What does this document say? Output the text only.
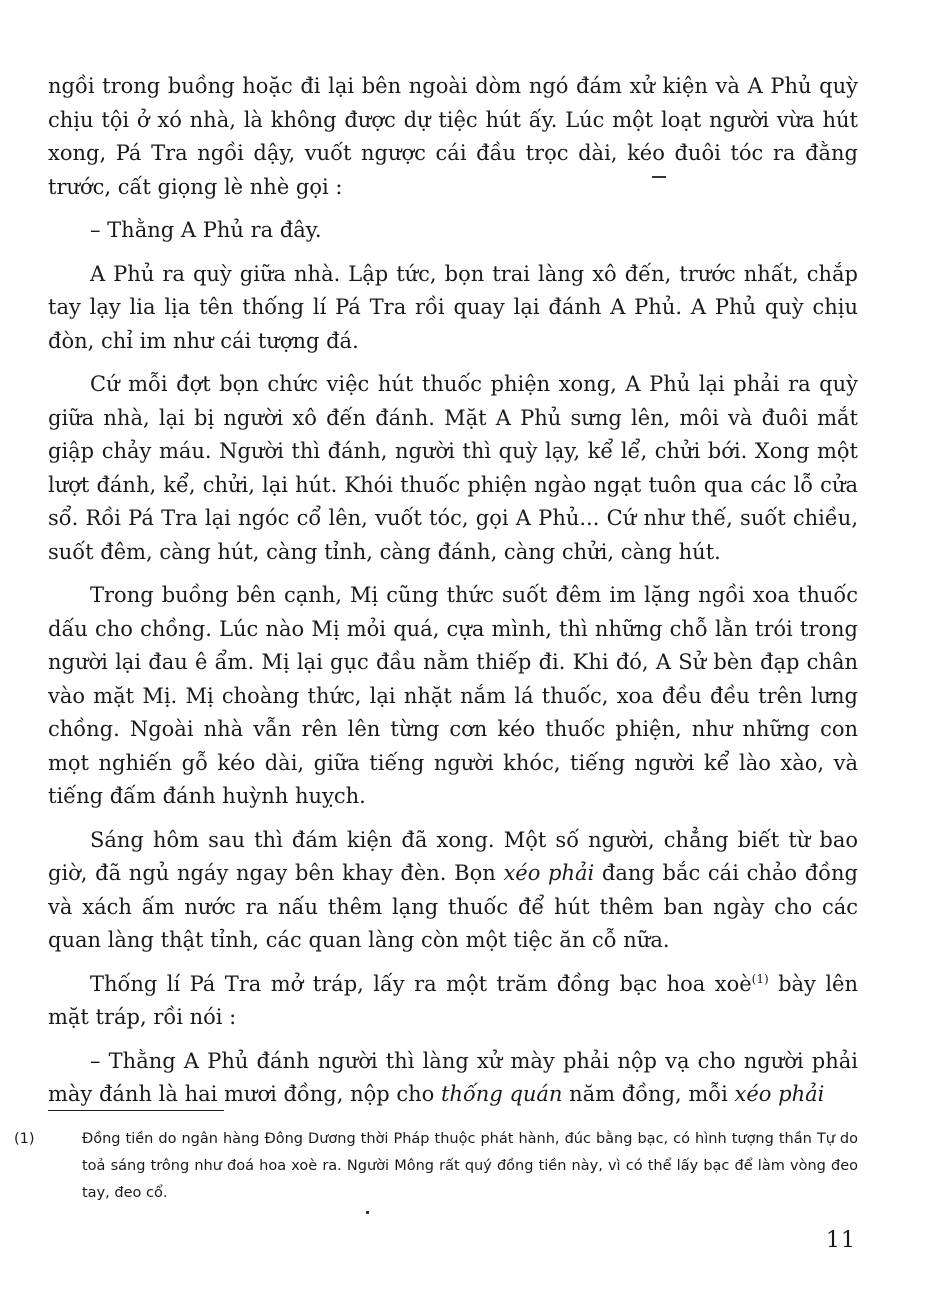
ngồi trong buồng hoặc đi lại bên ngoài dòm ngó đám xử kiện và A Phủ quỳ chịu tội ở xó nhà, là không được dự tiệc hút ấy. Lúc một loạt người vừa hút xong, Pá Tra ngồi dậy, vuốt ngược cái đầu trọc dài, kéo đuôi tóc ra đằng trước, cất giọng lè nhè gọi :

– Thằng A Phủ ra đây.

A Phủ ra quỳ giữa nhà. Lập tức, bọn trai làng xô đến, trước nhất, chắp tay lạy lia lịa tên thống lí Pá Tra rồi quay lại đánh A Phủ. A Phủ quỳ chịu đòn, chỉ im như cái tượng đá.

Cứ mỗi đợt bọn chức việc hút thuốc phiện xong, A Phủ lại phải ra quỳ giữa nhà, lại bị người xô đến đánh. Mặt A Phủ sưng lên, môi và đuôi mắt giập chảy máu. Người thì đánh, người thì quỳ lạy, kể lể, chửi bới. Xong một lượt đánh, kể, chửi, lại hút. Khói thuốc phiện ngào ngạt tuôn qua các lỗ cửa sổ. Rồi Pá Tra lại ngóc cổ lên, vuốt tóc, gọi A Phủ... Cứ như thế, suốt chiều, suốt đêm, càng hút, càng tỉnh, càng đánh, càng chửi, càng hút.

Trong buồng bên cạnh, Mị cũng thức suốt đêm im lặng ngồi xoa thuốc dấu cho chồng. Lúc nào Mị mỏi quá, cựa mình, thì những chỗ lằn trói trong người lại đau ê ẩm. Mị lại gục đầu nằm thiếp đi. Khi đó, A Sử bèn đạp chân vào mặt Mị. Mị choàng thức, lại nhặt nắm lá thuốc, xoa đều đều trên lưng chồng. Ngoài nhà vẫn rên lên từng cơn kéo thuốc phiện, như những con mọt nghiến gỗ kéo dài, giữa tiếng người khóc, tiếng người kể lào xào, và tiếng đấm đánh huỳnh huỵch.

Sáng hôm sau thì đám kiện đã xong. Một số người, chẳng biết từ bao giờ, đã ngủ ngáy ngay bên khay đèn. Bọn xéo phải đang bắc cái chảo đồng và xách ấm nước ra nấu thêm lạng thuốc để hút thêm ban ngày cho các quan làng thật tỉnh, các quan làng còn một tiệc ăn cỗ nữa.

Thống lí Pá Tra mở tráp, lấy ra một trăm đồng bạc hoa xoè$^{(1)}$ bày lên mặt tráp, rồi nói :

– Thằng A Phủ đánh người thì làng xử mày phải nộp vạ cho người phải mày đánh là hai mươi đồng, nộp cho thống quán năm đồng, mỗi xéo phải

(1)	Đồng tiền do ngân hàng Đông Dương thời Pháp thuộc phát hành, đúc bằng bạc, có hình tượng thần Tự do toả sáng trông như đoá hoa xoè ra. Người Mông rất quý đồng tiền này, vì có thể lấy bạc để làm vòng đeo tay, đeo cổ.
11
